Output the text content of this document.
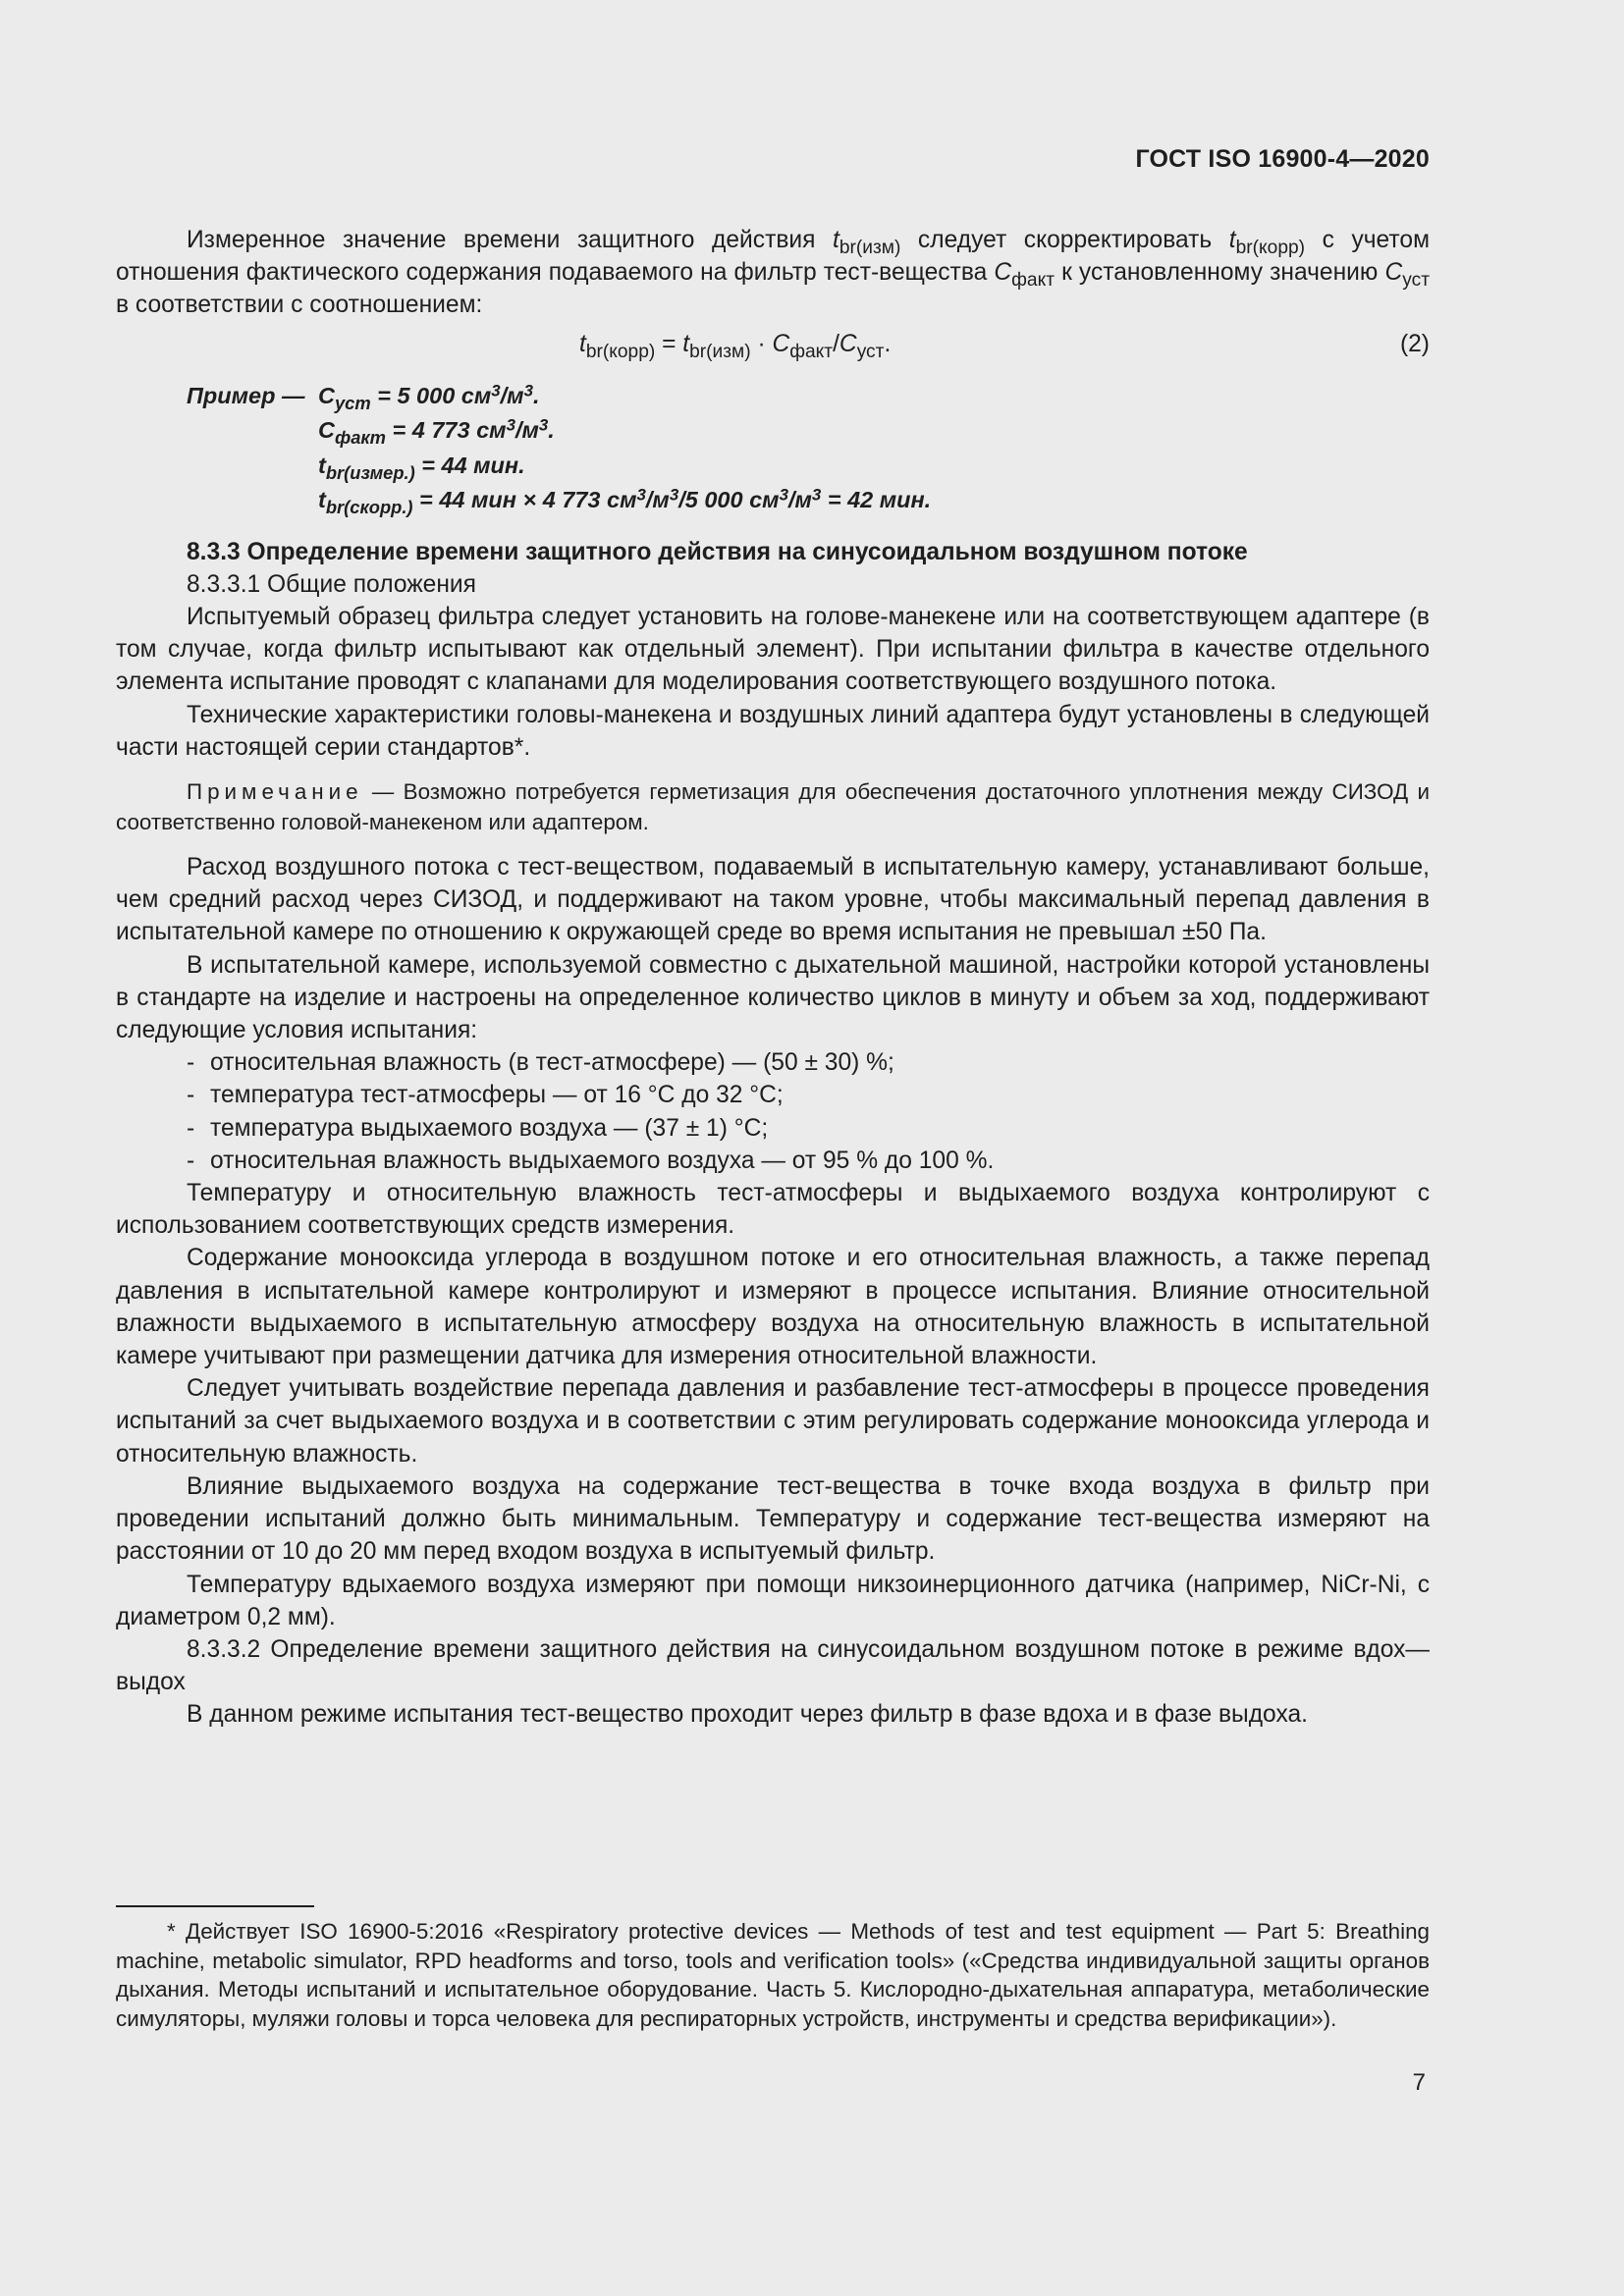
ГОСТ ISO 16900-4—2020

Измеренное значение времени защитного действия $t_{br(изм)}$ следует скорректировать $t_{br(корр)}$ с учетом отношения фактического содержания подаваемого на фильтр тест-вещества $C_{факт}$ к установленному значению $C_{уст}$ в соответствии с соотношением:

$t_{br(корр)} = t_{br(изм)} \cdot C_{факт}/C_{уст}$.	(2)
Пример — $C_{уст} = 5$ 000 $см^3/м^3$.
$C_{факт} = 4$ 773 $см^3/м^3$.
$t_{br(измер.)} = 44$ мин.
$t_{br(скорр.)} = 44$ мин × 4 773 $см^3/м^3/5$ 000 $см^3/м^3 = 42$ мин.

8.3.3 Определение времени защитного действия на синусоидальном воздушном потоке

8.3.3.1 Общие положения

Испытуемый образец фильтра следует установить на голове-манекене или на соответствующем адаптере (в том случае, когда фильтр испытывают как отдельный элемент). При испытании фильтра в качестве отдельного элемента испытание проводят с клапанами для моделирования соответствующего воздушного потока.

Технические характеристики головы-манекена и воздушных линий адаптера будут установлены в следующей части настоящей серии стандартов*.

Примечание — Возможно потребуется герметизация для обеспечения достаточного уплотнения между СИЗОД и соответственно головой-манекеном или адаптером.

Расход воздушного потока с тест-веществом, подаваемый в испытательную камеру, устанавливают больше, чем средний расход через СИЗОД, и поддерживают на таком уровне, чтобы максимальный перепад давления в испытательной камере по отношению к окружающей среде во время испытания не превышал ±50 Па.

В испытательной камере, используемой совместно с дыхательной машиной, настройки которой установлены в стандарте на изделие и настроены на определенное количество циклов в минуту и объем за ход, поддерживают следующие условия испытания:

- относительная влажность (в тест-атмосфере) — (50 ± 30) %;

- температура тест-атмосферы — от 16 °С до 32 °С;

- температура выдыхаемого воздуха — (37 ± 1) °С;

- относительная влажность выдыхаемого воздуха — от 95 % до 100 %.

Температуру и относительную влажность тест-атмосферы и выдыхаемого воздуха контролируют с использованием соответствующих средств измерения.

Содержание монооксида углерода в воздушном потоке и его относительная влажность, а также перепад давления в испытательной камере контролируют и измеряют в процессе испытания. Влияние относительной влажности выдыхаемого в испытательную атмосферу воздуха на относительную влажность в испытательной камере учитывают при размещении датчика для измерения относительной влажности.

Следует учитывать воздействие перепада давления и разбавление тест-атмосферы в процессе проведения испытаний за счет выдыхаемого воздуха и в соответствии с этим регулировать содержание монооксида углерода и относительную влажность.

Влияние выдыхаемого воздуха на содержание тест-вещества в точке входа воздуха в фильтр при проведении испытаний должно быть минимальным. Температуру и содержание тест-вещества измеряют на расстоянии от 10 до 20 мм перед входом воздуха в испытуемый фильтр.

Температуру вдыхаемого воздуха измеряют при помощи никзоинерционного датчика (например, NiCr-Ni, с диаметром 0,2 мм).

8.3.3.2 Определение времени защитного действия на синусоидальном воздушном потоке в режиме вдох—выдох

В данном режиме испытания тест-вещество проходит через фильтр в фазе вдоха и в фазе выдоха.

* Действует ISO 16900-5:2016 «Respiratory protective devices — Methods of test and test equipment — Part 5: Breathing machine, metabolic simulator, RPD headforms and torso, tools and verification tools» («Средства индивидуальной защиты органов дыхания. Методы испытаний и испытательное оборудование. Часть 5. Кислородно-дыхательная аппаратура, метаболические симуляторы, муляжи головы и торса человека для респираторных устройств, инструменты и средства верификации»).

7
